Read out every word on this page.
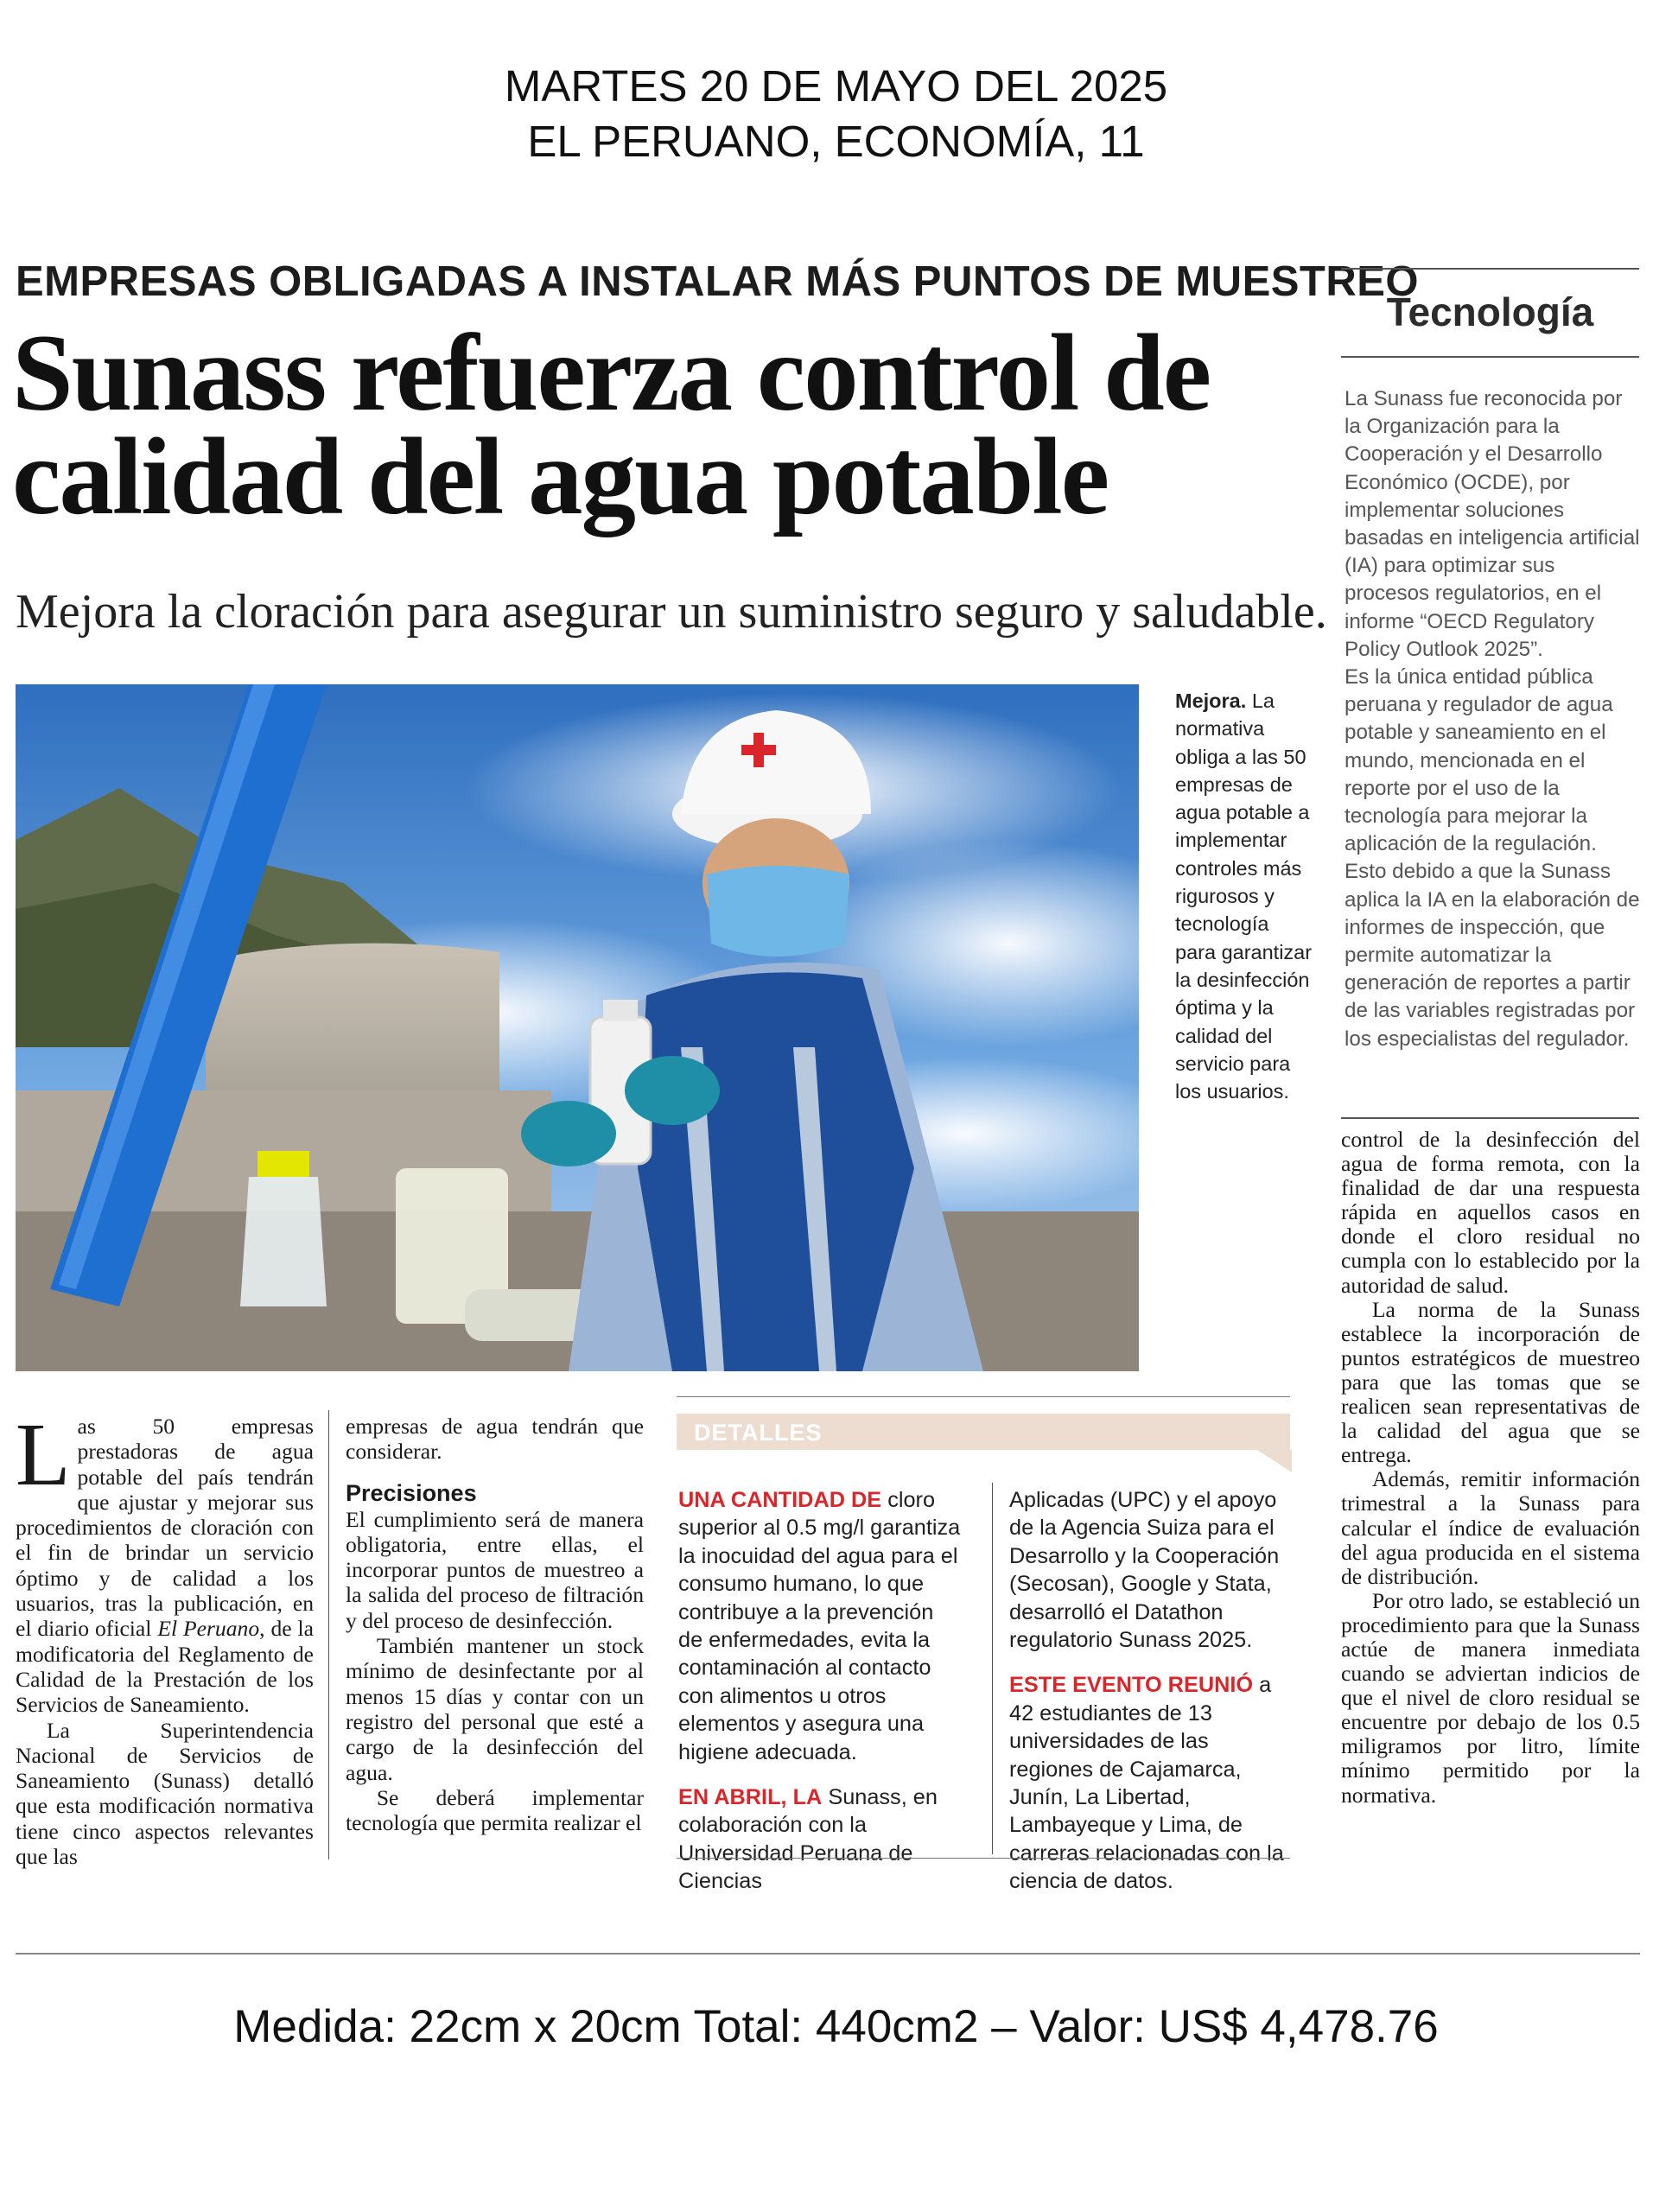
MARTES 20 DE MAYO DEL 2025
EL PERUANO, ECONOMÍA, 11
EMPRESAS OBLIGADAS A INSTALAR MÁS PUNTOS DE MUESTREO
Sunass refuerza control de
calidad del agua potable
Mejora la cloración para asegurar un suministro seguro y saludable.
Mejora. La normativa obliga a las 50 empresas de agua potable a implementar controles más rigurosos y tecnología para garantizar la desinfección óptima y la calidad del servicio para los usuarios.
Tecnología
La Sunass fue reconocida por la Organización para la Cooperación y el Desarrollo Económico (OCDE), por implementar soluciones basadas en inteligencia artificial (IA) para optimizar sus procesos regulatorios, en el informe “OECD Regulatory Policy Outlook 2025”.
Es la única entidad pública peruana y regulador de agua potable y saneamiento en el mundo, mencionada en el reporte por el uso de la tecnología para mejorar la aplicación de la regulación. Esto debido a que la Sunass aplica la IA en la elaboración de informes de inspección, que permite automatizar la generación de reportes a partir de las variables registradas por los especialistas del regulador.

Las 50 empresas prestadoras de agua potable del país tendrán que ajustar y mejorar sus procedimientos de cloración con el fin de brindar un servicio óptimo y de calidad a los usuarios, tras la publicación, en el diario oficial El Peruano, de la modificatoria del Reglamento de Calidad de la Prestación de los Servicios de Saneamiento.

La Superintendencia Nacional de Servicios de Saneamiento (Sunass) detalló que esta modificación normativa tiene cinco aspectos relevantes que las

empresas de agua tendrán que considerar.

Precisiones

El cumplimiento será de manera obligatoria, entre ellas, el incorporar puntos de muestreo a la salida del proceso de filtración y del proceso de desinfección.

También mantener un stock mínimo de desinfectante por al menos 15 días y contar con un registro del personal que esté a cargo de la desinfección del agua.

Se deberá implementar tecnología que permita realizar el

DETALLES

UNA CANTIDAD DE cloro superior al 0.5 mg/l garantiza la inocuidad del agua para el consumo humano, lo que contribuye a la prevención de enfermedades, evita la contaminación al contacto con alimentos u otros elementos y asegura una higiene adecuada.

EN ABRIL, LA Sunass, en colaboración con la Universidad Peruana de Ciencias

Aplicadas (UPC) y el apoyo de la Agencia Suiza para el Desarrollo y la Cooperación (Secosan), Google y Stata, desarrolló el Datathon regulatorio Sunass 2025.

ESTE EVENTO REUNIÓ a 42 estudiantes de 13 universidades de las regiones de Cajamarca, Junín, La Libertad, Lambayeque y Lima, de carreras relacionadas con la ciencia de datos.

control de la desinfección del agua de forma remota, con la finalidad de dar una respuesta rápida en aquellos casos en donde el cloro residual no cumpla con lo establecido por la autoridad de salud.

La norma de la Sunass establece la incorporación de puntos estratégicos de muestreo para que las tomas que se realicen sean representativas de la calidad del agua que se entrega.

Además, remitir información trimestral a la Sunass para calcular el índice de evaluación del agua producida en el sistema de distribución.

Por otro lado, se estableció un procedimiento para que la Sunass actúe de manera inmediata cuando se adviertan indicios de que el nivel de cloro residual se encuentre por debajo de los 0.5 miligramos por litro, límite mínimo permitido por la normativa.

Medida: 22cm x 20cm Total: 440cm2 – Valor: US$ 4,478.76
